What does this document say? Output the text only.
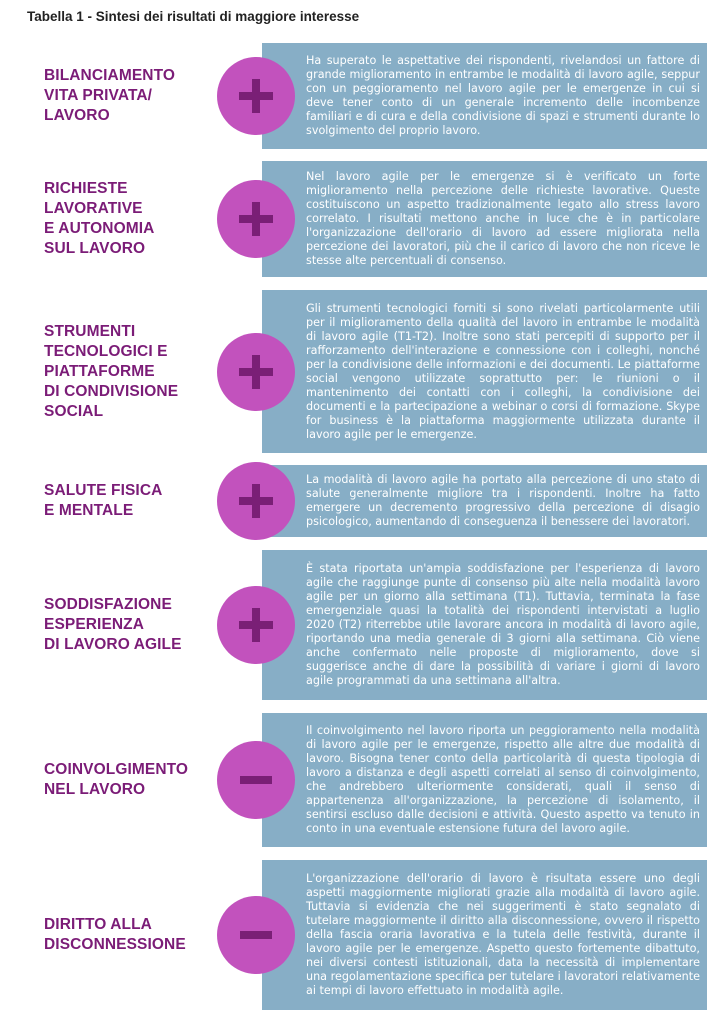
Tabella 1 - Sintesi dei risultati di maggiore interesse
BILANCIAMENTO
VITA PRIVATA/
LAVORO
Ha superato le aspettative dei rispondenti, rivelandosi un fattore di grande miglioramento in entrambe le modalità di lavoro agile, seppur con un peggioramento nel lavoro agile per le emergenze in cui si deve tener conto di un generale incremento delle incombenze familiari e di cura e della condivisione di spazi e strumenti durante lo svolgimento del proprio lavoro.
RICHIESTE
LAVORATIVE
E AUTONOMIA
SUL LAVORO
Nel lavoro agile per le emergenze si è verificato un forte miglioramento nella percezione delle richieste lavorative. Queste costituiscono un aspetto tradizionalmente legato allo stress lavoro correlato. I risultati mettono anche in luce che è in particolare l'organizzazione dell'orario di lavoro ad essere migliorata nella percezione dei lavoratori, più che il carico di lavoro che non riceve le stesse alte percentuali di consenso.
STRUMENTI
TECNOLOGICI E
PIATTAFORME
DI CONDIVISIONE
SOCIAL
Gli strumenti tecnologici forniti si sono rivelati particolarmente utili per il miglioramento della qualità del lavoro in entrambe le modalità di lavoro agile (T1-T2). Inoltre sono stati percepiti di supporto per il rafforzamento dell'interazione e connessione con i colleghi, nonché per la condivisione delle informazioni e dei documenti. Le piattaforme social vengono utilizzate soprattutto per: le riunioni o il mantenimento dei contatti con i colleghi, la condivisione dei documenti e la partecipazione a webinar o corsi di formazione. Skype for business è la piattaforma maggiormente utilizzata durante il lavoro agile per le emergenze.
SALUTE FISICA
E MENTALE
La modalità di lavoro agile ha portato alla percezione di uno stato di salute generalmente migliore tra i rispondenti. Inoltre ha fatto emergere un decremento progressivo della percezione di disagio psicologico, aumentando di conseguenza il benessere dei lavoratori.
SODDISFAZIONE
ESPERIENZA
DI LAVORO AGILE
È stata riportata un'ampia soddisfazione per l'esperienza di lavoro agile che raggiunge punte di consenso più alte nella modalità lavoro agile per un giorno alla settimana (T1). Tuttavia, terminata la fase emergenziale quasi la totalità dei rispondenti intervistati a luglio 2020 (T2) riterrebbe utile lavorare ancora in modalità di lavoro agile, riportando una media generale di 3 giorni alla settimana. Ciò viene anche confermato nelle proposte di miglioramento, dove si suggerisce anche di dare la possibilità di variare i giorni di lavoro agile programmati da una settimana all'altra.
COINVOLGIMENTO
NEL LAVORO
Il coinvolgimento nel lavoro riporta un peggioramento nella modalità di lavoro agile per le emergenze, rispetto alle altre due modalità di lavoro. Bisogna tener conto della particolarità di questa tipologia di lavoro a distanza e degli aspetti correlati al senso di coinvolgimento, che andrebbero ulteriormente considerati, quali il senso di appartenenza all'organizzazione, la percezione di isolamento, il sentirsi escluso dalle decisioni e attività. Questo aspetto va tenuto in conto in una eventuale estensione futura del lavoro agile.
DIRITTO ALLA
DISCONNESSIONE
L'organizzazione dell'orario di lavoro è risultata essere uno degli aspetti maggiormente migliorati grazie alla modalità di lavoro agile. Tuttavia si evidenzia che nei suggerimenti è stato segnalato di tutelare maggiormente il diritto alla disconnessione, ovvero il rispetto della fascia oraria lavorativa e la tutela delle festività, durante il lavoro agile per le emergenze. Aspetto questo fortemente dibattuto, nei diversi contesti istituzionali, data la necessità di implementare una regolamentazione specifica per tutelare i lavoratori relativamente ai tempi di lavoro effettuato in modalità agile.
